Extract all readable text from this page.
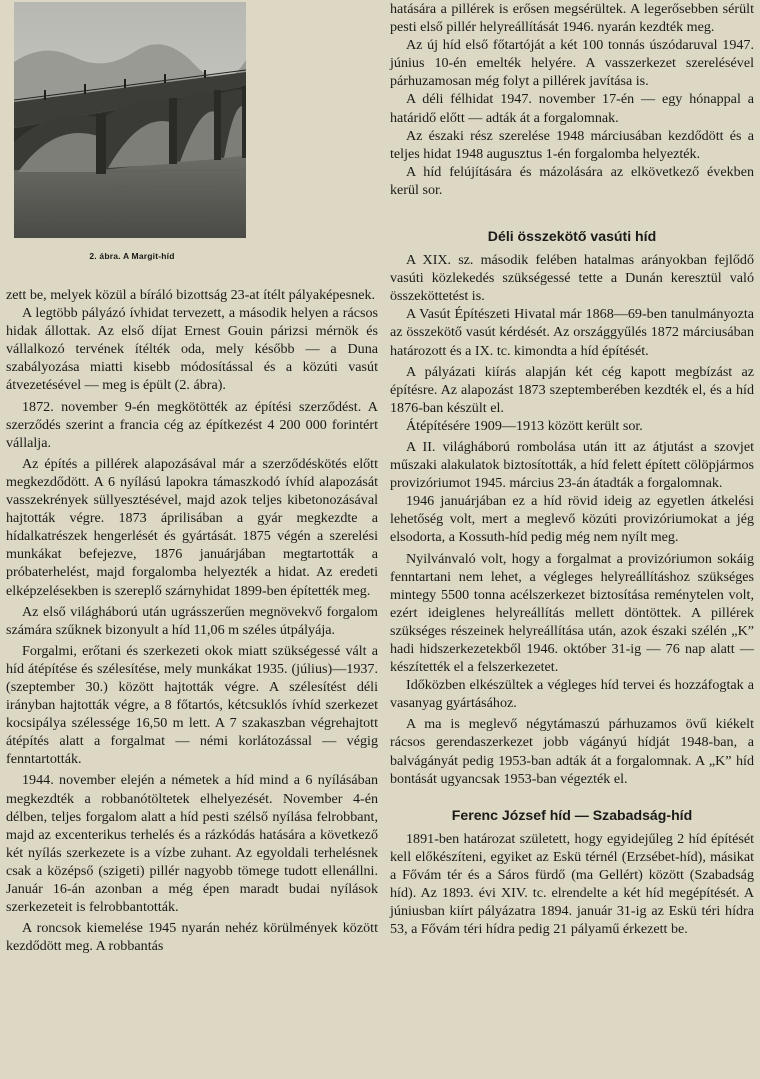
2. ábra. A Margit-híd

zett be, melyek közül a bíráló bizottság 23-at ítélt pályaképesnek.

A legtöbb pályázó ívhidat tervezett, a második helyen a rácsos hidak állottak. Az első díjat Ernest Gouin párizsi mérnök és vállalkozó tervének ítélték oda, mely később — a Duna szabályozása miatti kisebb módosítással és a közúti vasút átvezetésével — meg is épült (2. ábra).

1872. november 9-én megkötötték az építési szerződést. A szerződés szerint a francia cég az építkezést 4 200 000 forintért vállalja.

Az építés a pillérek alapozásával már a szerződéskötés előtt megkezdődött. A 6 nyílású lapokra támaszkodó ívhíd alapozását vasszekrények süllyesztésével, majd azok teljes kibetonozásával hajtották végre. 1873 áprilisában a gyár megkezdte a hídalkatrészek hengerlését és gyártását. 1875 végén a szerelési munkákat befejezve, 1876 januárjában megtartották a próbaterhelést, majd forgalomba helyezték a hidat. Az eredeti elképzelésekben is szereplő szárnyhidat 1899-ben építették meg.

Az első világháború után ugrásszerűen megnövekvő forgalom számára szűknek bizonyult a híd 11,06 m széles útpályája.

Forgalmi, erőtani és szerkezeti okok miatt szükségessé vált a híd átépítése és szélesítése, mely munkákat 1935. (július)—1937. (szeptember 30.) között hajtották végre. A szélesítést déli irányban hajtották végre, a 8 főtartós, kétcsuklós ívhíd szerkezet kocsipálya szélessége 16,50 m lett. A 7 szakaszban végrehajtott átépítés alatt a forgalmat — némi korlátozással — végig fenntartották.

1944. november elején a németek a híd mind a 6 nyílásában megkezdték a robbanótöltetek elhelyezését. November 4-én délben, teljes forgalom alatt a híd pesti szélső nyílása felrobbant, majd az excenterikus terhelés és a rázkódás hatására a következő két nyílás szerkezete is a vízbe zuhant. Az egyoldali terhelésnek csak a középső (szigeti) pillér nagyobb tömege tudott ellenállni. Január 16-án azonban a még épen maradt budai nyílások szerkezeteit is felrobbantották.

A roncsok kiemelése 1945 nyarán nehéz körülmények között kezdődött meg. A robbantás

hatására a pillérek is erősen megsérültek. A legerősebben sérült pesti első pillér helyreállítását 1946. nyarán kezdték meg.

Az új híd első főtartóját a két 100 tonnás úszódaruval 1947. június 10-én emelték helyére. A vasszerkezet szerelésével párhuzamosan még folyt a pillérek javítása is.

A déli félhidat 1947. november 17-én — egy hónappal a határidő előtt — adták át a forgalomnak.

Az északi rész szerelése 1948 márciusában kezdődött és a teljes hidat 1948 augusztus 1-én forgalomba helyezték.

A híd felújítására és mázolására az elkövetkező években kerül sor.

Déli összekötő vasúti híd

A XIX. sz. második felében hatalmas arányokban fejlődő vasúti közlekedés szükségessé tette a Dunán keresztül való összeköttetést is.

A Vasút Építészeti Hivatal már 1868—69-ben tanulmányozta az összekötő vasút kérdését. Az országgyűlés 1872 márciusában határozott és a IX. tc. kimondta a híd építését.

A pályázati kiírás alapján két cég kapott megbízást az építésre. Az alapozást 1873 szeptemberében kezdték el, és a híd 1876-ban készült el.

Átépítésére 1909—1913 között került sor.

A II. világháború rombolása után itt az átjutást a szovjet műszaki alakulatok biztosították, a híd felett épített cölöpjármos provizóriumot 1945. március 23-án átadták a forgalomnak.

1946 januárjában ez a híd rövid ideig az egyetlen átkelési lehetőség volt, mert a meglevő közúti provizóriumokat a jég elsodorta, a Kossuth-híd pedig még nem nyílt meg.

Nyilvánvaló volt, hogy a forgalmat a provizóriumon sokáig fenntartani nem lehet, a végleges helyreállításhoz szükséges mintegy 5500 tonna acélszerkezet biztosítása reménytelen volt, ezért ideiglenes helyreállítás mellett döntöttek. A pillérek szükséges részeinek helyreállítása után, azok északi szélén „K” hadi hidszerkezetekből 1946. október 31-ig — 76 nap alatt — készítették el a felszerkezetet.

Időközben elkészültek a végleges híd tervei és hozzáfogtak a vasanyag gyártásához.

A ma is meglevő négytámaszú párhuzamos övű kiékelt rácsos gerendaszerkezet jobb vágányú hídját 1948-ban, a balvágányát pedig 1953-ban adták át a forgalomnak. A „K” híd bontását ugyancsak 1953-ban végezték el.

Ferenc József híd — Szabadság-híd

1891-ben határozat született, hogy egyidejűleg 2 híd építését kell előkészíteni, egyiket az Eskü térnél (Erzsébet-híd), másikat a Fővám tér és a Sáros fürdő (ma Gellért) között (Szabadság híd). Az 1893. évi XIV. tc. elrendelte a két híd megépítését. A júniusban kiírt pályázatra 1894. január 31-ig az Eskü téri hídra 53, a Fővám téri hídra pedig 21 pályamű érkezett be.
